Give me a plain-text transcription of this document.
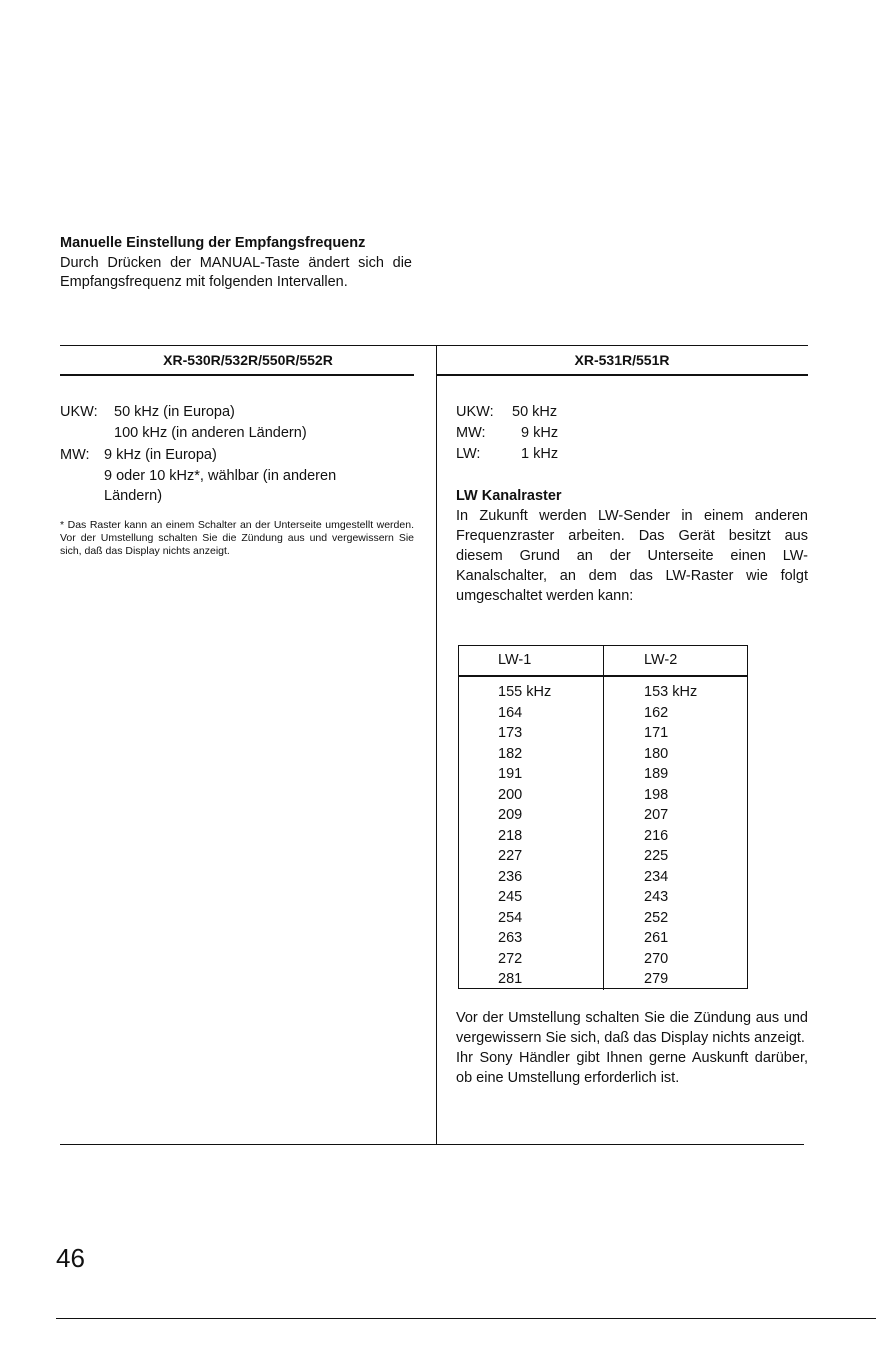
Manuelle Einstellung der Empfangsfrequenz
Durch Drücken der MANUAL-Taste ändert sich die Empfangsfrequenz mit folgenden Intervallen.
XR-530R/532R/550R/552R	XR-531R/551R
UKW: 50 kHz (in Europa)
100 kHz (in anderen Ländern)
MW: 9 kHz (in Europa)
9 oder 10 kHz*, wählbar (in anderen
Ländern)
* Das Raster kann an einem Schalter an der Unterseite umgestellt werden. Vor der Umstellung schalten Sie die Zündung aus und vergewissern Sie sich, daß das Display nichts anzeigt.
UKW: 50 kHz
MW: 9 kHz
LW:	1 kHz
LW Kanalraster
In Zukunft werden LW-Sender in einem anderen Frequenzraster arbeiten. Das Gerät besitzt aus diesem Grund an der Unterseite einen LW-Kanalschalter, an dem das LW-Raster wie folgt umgeschaltet werden kann:
LW-1	LW-2
155 kHz	153 kHz
164	162
173	171
182	180
191	189
200	198
209	207
218	216
227	225
236	234
245	243
254	252
263	261
272	270
281	279
Vor der Umstellung schalten Sie die Zündung aus und vergewissern Sie sich, daß das Display nichts anzeigt.
Ihr Sony Händler gibt Ihnen gerne Auskunft darüber, ob eine Umstellung erforderlich ist.
46
